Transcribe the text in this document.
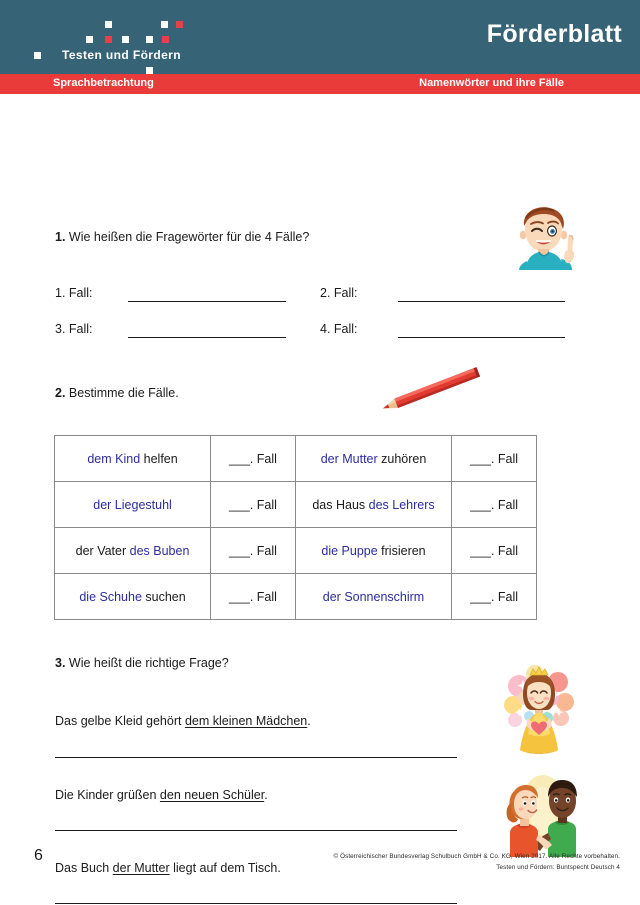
Testen und Fördern
Förderblatt
Sprachbetrachtung	Namenwörter und ihre Fälle
1. Wie heißen die Fragewörter für die 4 Fälle?
1. Fall:	2. Fall:
3. Fall:	4. Fall:
2. Bestimme die Fälle.
dem Kind helfen	___. Fall	der Mutter zuhören	___. Fall
der Liegestuhl	___. Fall	das Haus des Lehrers	___. Fall
der Vater des Buben	___. Fall	die Puppe frisieren	___. Fall
die Schuhe suchen	___. Fall	der Sonnenschirm	___. Fall
3. Wie heißt die richtige Frage?
Das gelbe Kleid gehört dem kleinen Mädchen.
Die Kinder grüßen den neuen Schüler.
Das Buch der Mutter liegt auf dem Tisch.
6	© Österreichischer Bundesverlag Schulbuch GmbH & Co. KG, Wien 2017. Alle Rechte vorbehalten.
Testen und Fördern: Buntspecht Deutsch 4
